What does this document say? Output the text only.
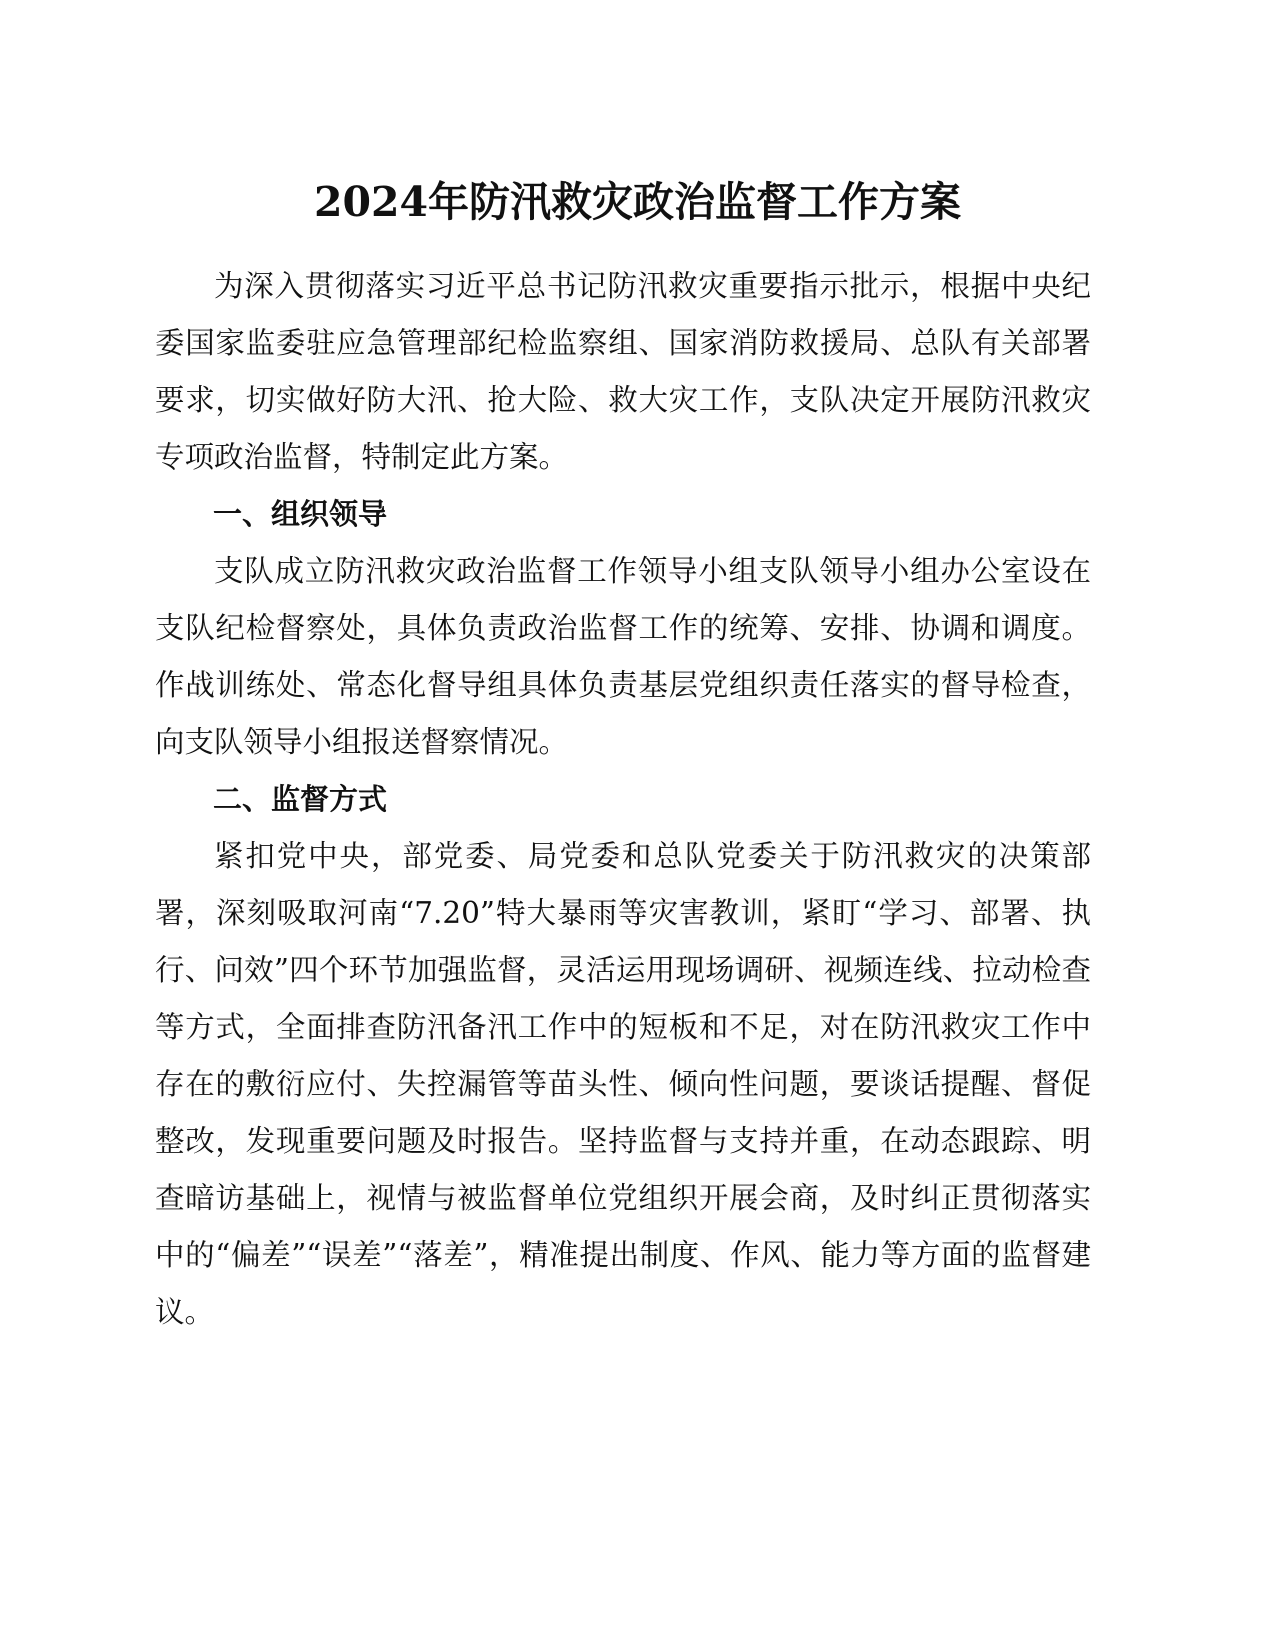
2024年防汛救灾政治监督工作方案

为深入贯彻落实习近平总书记防汛救灾重要指示批示，根据中央纪委国家监委驻应急管理部纪检监察组、国家消防救援局、总队有关部署要求，切实做好防大汛、抢大险、救大灾工作，支队决定开展防汛救灾专项政治监督，特制定此方案。

一、组织领导

支队成立防汛救灾政治监督工作领导小组支队领导小组办公室设在支队纪检督察处，具体负责政治监督工作的统筹、安排、协调和调度。作战训练处、常态化督导组具体负责基层党组织责任落实的督导检查，向支队领导小组报送督察情况。

二、监督方式

紧扣党中央，部党委、局党委和总队党委关于防汛救灾的决策部署，深刻吸取河南“7.20”特大暴雨等灾害教训，紧盯“学习、部署、执行、问效”四个环节加强监督，灵活运用现场调研、视频连线、拉动检查等方式，全面排查防汛备汛工作中的短板和不足，对在防汛救灾工作中存在的敷衍应付、失控漏管等苗头性、倾向性问题，要谈话提醒、督促整改，发现重要问题及时报告。坚持监督与支持并重，在动态跟踪、明查暗访基础上，视情与被监督单位党组织开展会商，及时纠正贯彻落实中的“偏差”“误差”“落差”，精准提出制度、作风、能力等方面的监督建议。
